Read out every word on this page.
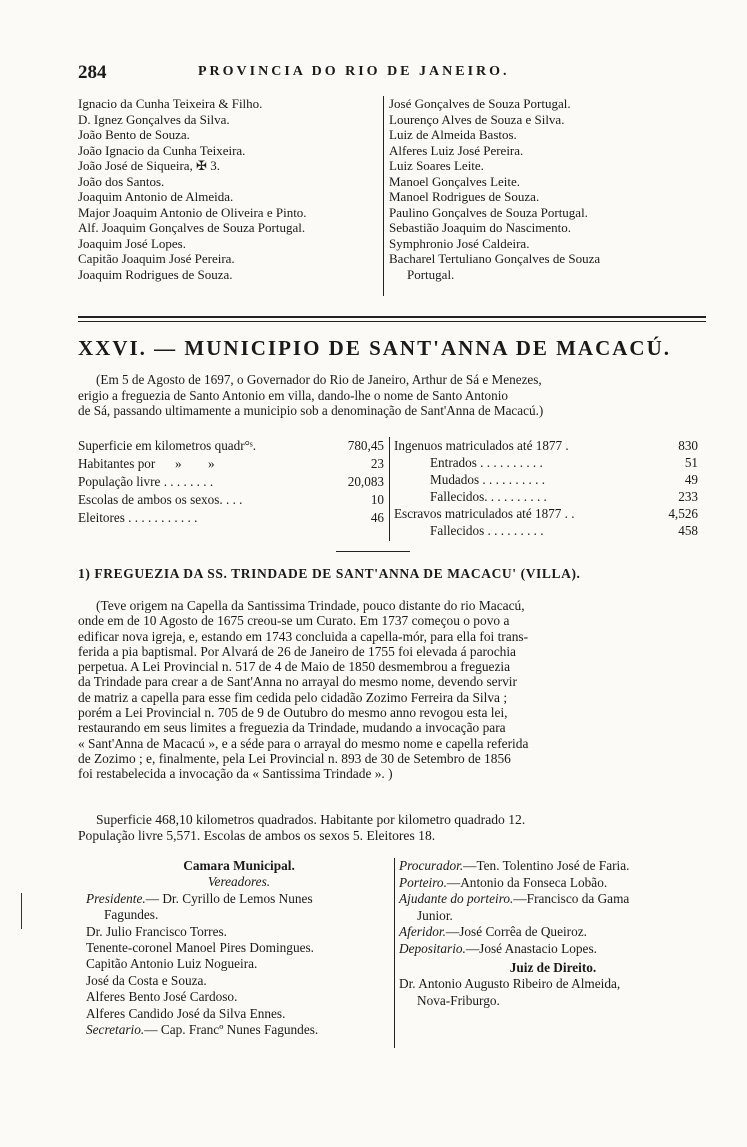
284	PROVINCIA DO RIO DE JANEIRO.
Ignacio da Cunha Teixeira & Filho.
D. Ignez Gonçalves da Silva.
João Bento de Souza.
João Ignacio da Cunha Teixeira.
João José de Siqueira, ✠ 3.
João dos Santos.
Joaquim Antonio de Almeida.
Major Joaquim Antonio de Oliveira e Pinto.
Alf. Joaquim Gonçalves de Souza Portugal.
Joaquim José Lopes.
Capitão Joaquim José Pereira.
Joaquim Rodrigues de Souza.
José Gonçalves de Souza Portugal.
Lourenço Alves de Souza e Silva.
Luiz de Almeida Bastos.
Alferes Luiz José Pereira.
Luiz Soares Leite.
Manoel Gonçalves Leite.
Manoel Rodrigues de Souza.
Paulino Gonçalves de Souza Portugal.
Sebastião Joaquim do Nascimento.
Symphronio José Caldeira.
Bacharel Tertuliano Gonçalves de Souza
Portugal.
XXVI. — MUNICIPIO DE SANT'ANNA DE MACACÚ.
(Em 5 de Agosto de 1697, o Governador do Rio de Janeiro, Arthur de Sá e Menezes,
erigio a freguezia de Santo Antonio em villa, dando-lhe o nome de Santo Antonio
de Sá, passando ultimamente a municipio sob a denominação de Sant'Anna de Macacú.)
Superficie em kilometros quadr°ˢ.	780,45
Habitantes por      »        »	23
População livre . . . . . . . .	20,083
Escolas de ambos os sexos. . . .	10
Eleitores . . . . . . . . . . .	46
Ingenuos matriculados até 1877 .	830
Entrados . . . . . . . . . .	51
Mudados . . . . . . . . . .	49
Fallecidos. . . . . . . . . .	233
Escravos matriculados até 1877 . .	4,526
Fallecidos . . . . . . . . .	458
1) FREGUEZIA DA SS. TRINDADE DE SANT'ANNA DE MACACU' (VILLA).
(Teve origem na Capella da Santissima Trindade, pouco distante do rio Macacú,
onde em de 10 Agosto de 1675 creou-se um Curato. Em 1737 começou o povo a
edificar nova igreja, e, estando em 1743 concluida a capella-mór, para ella foi trans-
ferida a pia baptismal. Por Alvará de 26 de Janeiro de 1755 foi elevada á parochia
perpetua. A Lei Provincial n. 517 de 4 de Maio de 1850 desmembrou a freguezia
da Trindade para crear a de Sant'Anna no arrayal do mesmo nome, devendo servir
de matriz a capella para esse fim cedida pelo cidadão Zozimo Ferreira da Silva ;
porém a Lei Provincial n. 705 de 9 de Outubro do mesmo anno revogou esta lei,
restaurando em seus limites a freguezia da Trindade, mudando a invocação para
« Sant'Anna de Macacú », e a séde para o arrayal do mesmo nome e capella referida
de Zozimo ; e, finalmente, pela Lei Provincial n. 893 de 30 de Setembro de 1856
foi restabelecida a invocação da « Santissima Trindade ». )
Superficie 468,10 kilometros quadrados. Habitante por kilometro quadrado 12.
População livre 5,571. Escolas de ambos os sexos 5. Eleitores 18.
Camara Municipal.
Vereadores.
Presidente.— Dr. Cyrillo de Lemos Nunes
Fagundes.
Dr. Julio Francisco Torres.
Tenente-coronel Manoel Pires Domingues.
Capitão Antonio Luiz Nogueira.
José da Costa e Souza.
Alferes Bento José Cardoso.
Alferes Candido José da Silva Ennes.
Secretario.— Cap. Francº Nunes Fagundes.
Procurador.—Ten. Tolentino José de Faria.
Porteiro.—Antonio da Fonseca Lobão.
Ajudante do porteiro.—Francisco da Gama
Junior.
Aferidor.—José Corrêa de Queiroz.
Depositario.—José Anastacio Lopes.
Juiz de Direito.
Dr. Antonio Augusto Ribeiro de Almeida,
Nova-Friburgo.
